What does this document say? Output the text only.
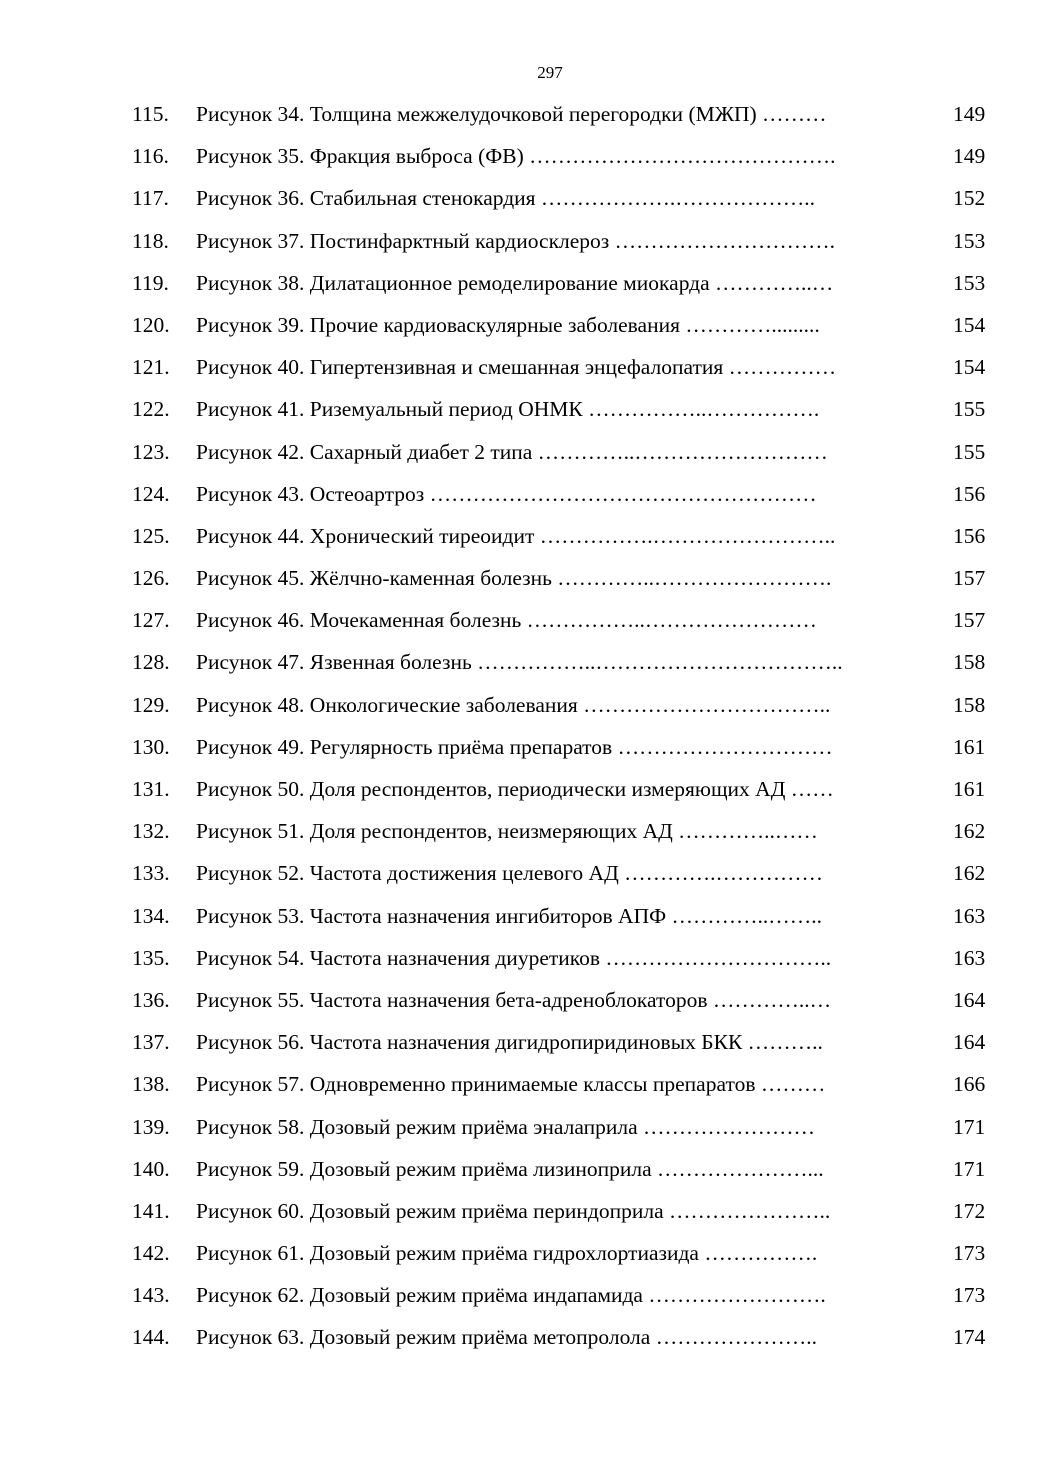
297
115. Рисунок 34. Толщина межжелудочковой перегородки (МЖП) ………	149
116. Рисунок 35. Фракция выброса (ФВ) …………………………………….	149
117. Рисунок 36. Стабильная стенокардия ……………….………………..	152
118. Рисунок 37. Постинфарктный кардиосклероз ………………………….	153
119. Рисунок 38. Дилатационное ремоделирование миокарда …………..…	153
120. Рисунок 39. Прочие кардиоваскулярные заболевания ………….........	154
121. Рисунок 40. Гипертензивная и смешанная энцефалопатия ……………	154
122. Рисунок 41. Риземуальный период ОНМК ……………..…………….	155
123. Рисунок 42. Сахарный диабет 2 типа …………..………………………	155
124. Рисунок 43. Остеоартроз ………………………………………………	156
125. Рисунок 44. Хронический тиреоидит …………….……………………..	156
126. Рисунок 45. Жёлчно-каменная болезнь …………..…………………….	157
127. Рисунок 46. Мочекаменная болезнь ……………..……………………	157
128. Рисунок 47. Язвенная болезнь ……………..……………………………..	158
129. Рисунок 48. Онкологические заболевания ……………………………..	158
130. Рисунок 49. Регулярность приёма препаратов …………………………	161
131. Рисунок 50. Доля респондентов, периодически измеряющих АД ……	161
132. Рисунок 51. Доля респондентов, неизмеряющих АД …………..……	162
133. Рисунок 52. Частота достижения целевого АД ………….……………	162
134. Рисунок 53. Частота назначения ингибиторов АПФ …………..……..	163
135. Рисунок 54. Частота назначения диуретиков …………………………..	163
136. Рисунок 55. Частота назначения бета-адреноблокаторов …………..…	164
137. Рисунок 56. Частота назначения дигидропиридиновых БКК ………..	164
138. Рисунок 57. Одновременно принимаемые классы препаратов ………	166
139. Рисунок 58. Дозовый режим приёма эналаприла ……………………	171
140. Рисунок 59. Дозовый режим приёма лизиноприла …………………...	171
141. Рисунок 60. Дозовый режим приёма периндоприла …………………..	172
142. Рисунок 61. Дозовый режим приёма гидрохлортиазида …………….	173
143. Рисунок 62. Дозовый режим приёма индапамида …………………….	173
144. Рисунок 63. Дозовый режим приёма метопролола …………………..	174
